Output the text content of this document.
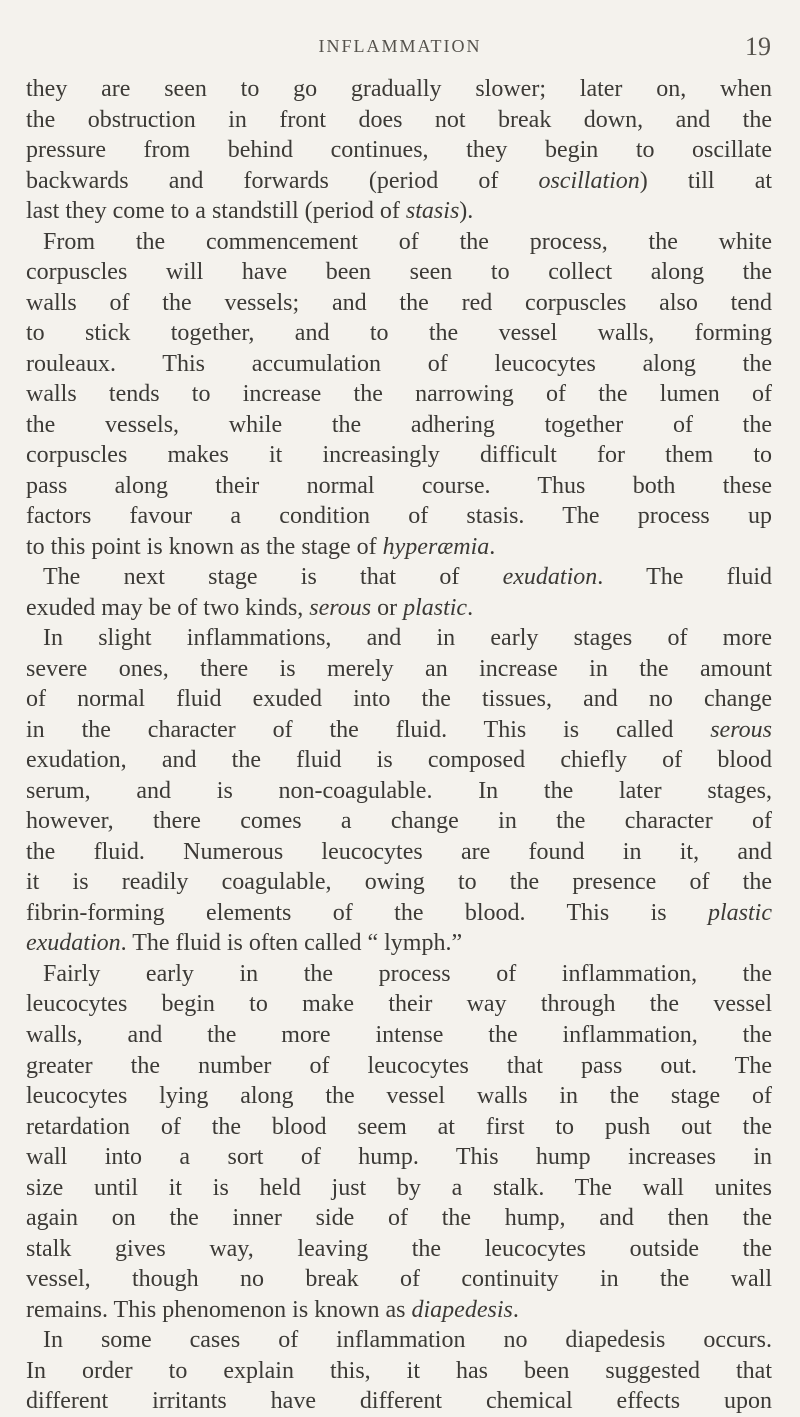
INFLAMMATION	19
they are seen to go gradually slower; later on, when
the obstruction in front does not break down, and the
pressure from behind continues, they begin to oscillate
backwards and forwards (period of oscillation) till at
last they come to a standstill (period of stasis).
From the commencement of the process, the white
corpuscles will have been seen to collect along the
walls of the vessels; and the red corpuscles also tend
to stick together, and to the vessel walls, forming
rouleaux. This accumulation of leucocytes along the
walls tends to increase the narrowing of the lumen of
the vessels, while the adhering together of the
corpuscles makes it increasingly difficult for them to
pass along their normal course. Thus both these
factors favour a condition of stasis. The process up
to this point is known as the stage of hyperæmia.
The next stage is that of exudation. The fluid
exuded may be of two kinds, serous or plastic.
In slight inflammations, and in early stages of more
severe ones, there is merely an increase in the amount
of normal fluid exuded into the tissues, and no change
in the character of the fluid. This is called serous
exudation, and the fluid is composed chiefly of blood
serum, and is non-coagulable. In the later stages,
however, there comes a change in the character of
the fluid. Numerous leucocytes are found in it, and
it is readily coagulable, owing to the presence of the
fibrin-forming elements of the blood. This is plastic
exudation. The fluid is often called “ lymph.”
Fairly early in the process of inflammation, the
leucocytes begin to make their way through the vessel
walls, and the more intense the inflammation, the
greater the number of leucocytes that pass out. The
leucocytes lying along the vessel walls in the stage of
retardation of the blood seem at first to push out the
wall into a sort of hump. This hump increases in
size until it is held just by a stalk. The wall unites
again on the inner side of the hump, and then the
stalk gives way, leaving the leucocytes outside the
vessel, though no break of continuity in the wall
remains. This phenomenon is known as diapedesis.
In some cases of inflammation no diapedesis occurs.
In order to explain this, it has been suggested that
different irritants have different chemical effects upon
